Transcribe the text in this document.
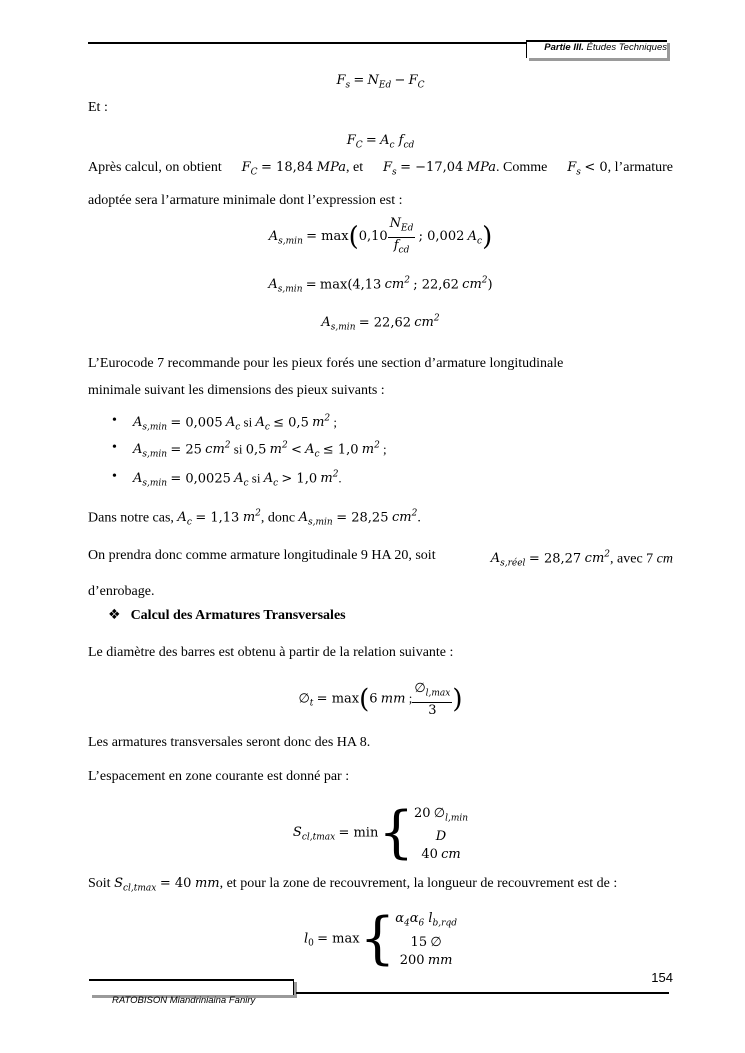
Partie III. Études Techniques
$F_s = N_{Ed} - F_C$
Et :
$F_C = A_c$ $f_{cd}$
Après calcul, on obtient $F_C = 18,84$ MPa, et $F_s = -17,04$ MPa. Comme $F_s < 0$, l’armature
adoptée sera l’armature minimale dont l’expression est :
$A_{s,min} = \max(0,10 \frac{N_{Ed}}{f_{cd}}$ ; 0,002 $A_c$)
$A_{s,min} = \max(4,13$ $cm^2$ ; 22,62 $cm^2$)
$A_{s,min} = 22,62$ $cm^2$
L’Eurocode 7 recommande pour les pieux forés une section d’armature longitudinale
minimale suivant les dimensions des pieux suivants :
• $A_{s,min} = 0,005$ $A_c$ si $A_c \le 0,5$ $m^2$ ;
• $A_{s,min} = 25$ $cm^2$ si 0,5 $m^2 < A_c \le 1,0$ $m^2$ ;
• $A_{s,min} = 0,0025$ $A_c$ si $A_c > 1,0$ $m^2$.
Dans notre cas, $A_c = 1,13$ $m^2$, donc $A_{s,min} = 28,25$ $cm^2$.
On prendra donc comme armature longitudinale 9 HA 20, soit	$A_{s,réel} = 28,27$ $cm^2$, avec 7 cm
d’enrobage.
❖ Calcul des Armatures Transversales
Le diamètre des barres est obtenu à partir de la relation suivante :
$\emptyset_t = \max(6$ mm ; $\frac{\emptyset_{l,max}}{3}$ )
Les armatures transversales seront donc des HA 8.
L’espacement en zone courante est donné par :
$S_{cl,tmax} = \min${ 20 $\emptyset_{l,min}$
D
40 cm
Soit $S_{cl,tmax} = 40$ mm, et pour la zone de recouvrement, la longueur de recouvrement est de :
$l_0 = \max${ $\alpha_4\alpha_6$ $l_{b,rqd}$
15 ∅
200 mm
154
RATOBISON Miandriniaina Faniry
